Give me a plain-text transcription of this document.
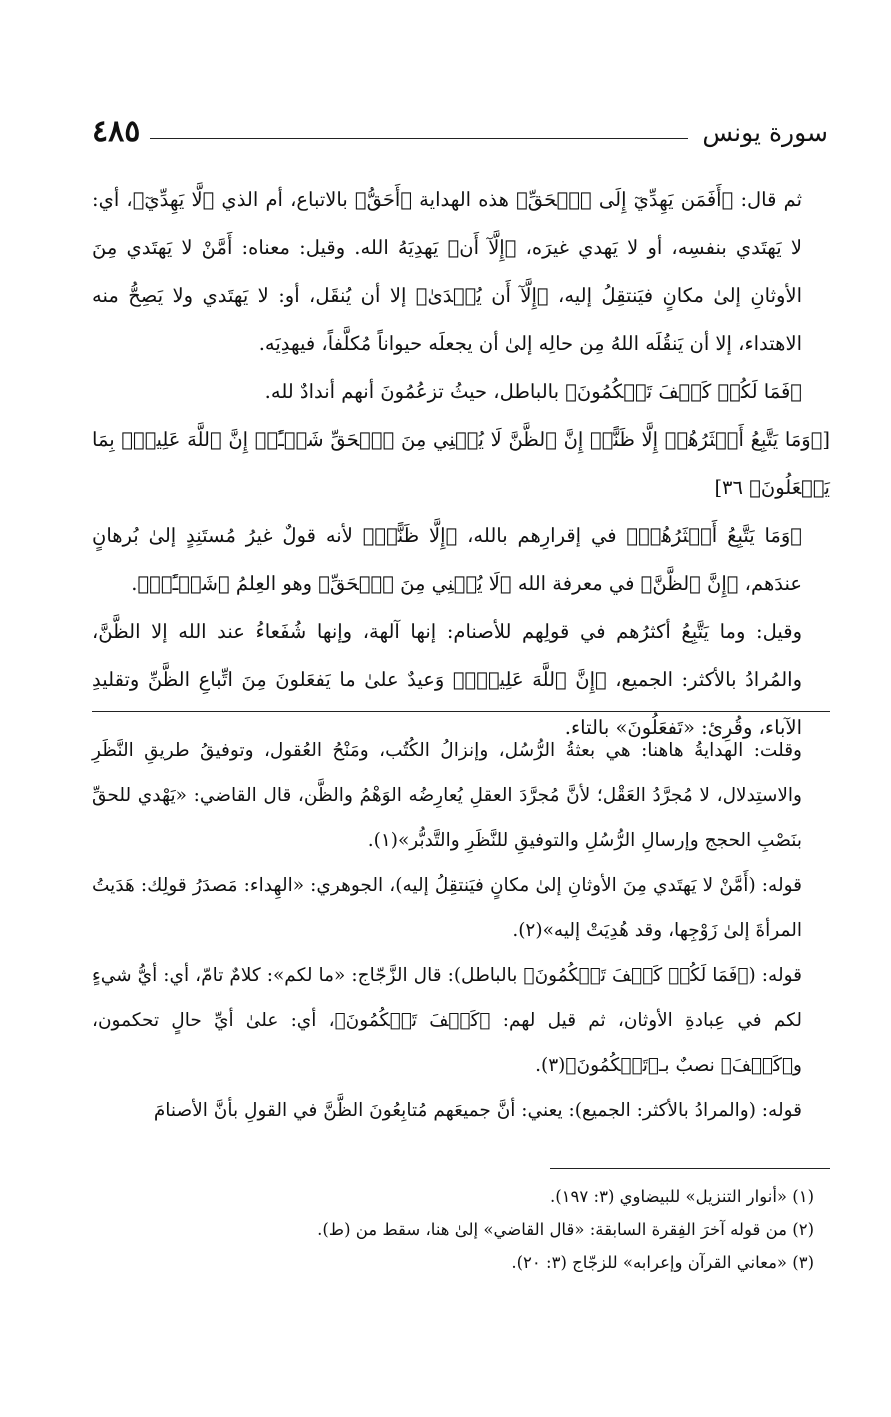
٤٨٥	سورة يونس

ثم قال: ﴿أَفَمَن يَهِدِّيٓ إِلَى ٱلۡحَقِّ﴾ هذه الهداية ﴿أَحَقُّ﴾ بالاتباع، أم الذي ﴿لَّا يَهِدِّيٓ﴾، أي: لا يَهتَدي بنفسِه، أو لا يَهدي غيرَه، ﴿إِلَّآ أَن﴾ يَهدِيَهُ الله. وقيل: معناه: أَمَّنْ لا يَهتَدي مِنَ الأوثانِ إلىٰ مكانٍ فيَنتقِلُ إليه، ﴿إِلَّآ أَن يُهۡدَىٰ﴾ إلا أن يُنقَل، أو: لا يَهتَدي ولا يَصِحُّ منه الاهتداء، إلا أن يَنقُلَه اللهُ مِن حالِه إلىٰ أن يجعلَه حيواناً مُكلَّفاً، فيهدِيَه.

﴿فَمَا لَكُمۡ كَيۡفَ تَحۡكُمُونَ﴾ بالباطل، حيثُ تزعُمُونَ أنهم أندادٌ لله.

[﴿وَمَا يَتَّبِعُ أَكۡثَرُهُمۡ إِلَّا ظَنًّاۚ إِنَّ ٱلظَّنَّ لَا يُغۡنِي مِنَ ٱلۡحَقِّ شَيۡـًٔاۚ إِنَّ ٱللَّهَ عَلِيمُۢ بِمَا يَفۡعَلُونَ﴾ ٣٦]

﴿وَمَا يَتَّبِعُ أَكۡثَرُهُمۡ﴾ في إقرارِهم بالله، ﴿إِلَّا ظَنًّاۚ﴾ لأنه قولٌ غيرُ مُستَنِدٍ إلىٰ بُرهانٍ عندَهم، ﴿إِنَّ ٱلظَّنَّ﴾ في معرفة الله ﴿لَا يُغۡنِي مِنَ ٱلۡحَقِّ﴾ وهو العِلمُ ﴿شَيۡـًٔاۚ﴾.

وقيل: وما يَتَّبِعُ أكثرُهم في قولِهم للأصنام: إنها آلهة، وإنها شُفَعاءُ عند الله إلا الظَّنَّ، والمُرادُ بالأكثر: الجميع، ﴿إِنَّ ٱللَّهَ عَلِيمُۢ﴾ وَعيدٌ علىٰ ما يَفعَلونَ مِنَ اتِّباعِ الظَّنِّ وتقليدِ الآباء، وقُرِئ: «تَفعَلُونَ» بالتاء.

وقلت: الهدايةُ هاهنا: هي بعثةُ الرُّسُل، وإنزالُ الكُتُب، ومَنْحُ العُقول، وتوفيقُ طريقِ النَّظَرِ والاستِدلال، لا مُجرَّدُ العَقْل؛ لأنَّ مُجرَّدَ العقلِ يُعارِضُه الوَهْمُ والظَّن، قال القاضي: «يَهْدي للحقِّ بنَصْبِ الحجج وإرسالِ الرُّسُلِ والتوفيقِ للنَّظَرِ والتَّدبُّر»(١).

قوله: (أَمَّنْ لا يَهتَدي مِنَ الأوثانِ إلىٰ مكانٍ فيَنتقِلُ إليه)، الجوهري: «الهِداء: مَصدَرُ قولِك: هَدَيتُ المرأةَ إلىٰ زَوْجِها، وقد هُدِيَتْ إليه»(٢).

قوله: (﴿فَمَا لَكُمۡ كَيۡفَ تَحۡكُمُونَ﴾ بالباطل): قال الزَّجّاج: «ما لكم»: كلامٌ تامّ، أي: أيُّ شيءٍ لكم في عِبادةِ الأوثان، ثم قيل لهم: ﴿كَيۡفَ تَحۡكُمُونَ﴾، أي: علىٰ أيِّ حالٍ تحكمون، و﴿كَيۡفَ﴾ نصبٌ بـ﴿تَحۡكُمُونَ﴾(٣).

قوله: (والمرادُ بالأكثر: الجميع): يعني: أنَّ جميعَهم مُتابِعُونَ الظَّنَّ في القولِ بأنَّ الأصنامَ

(١) «أنوار التنزيل» للبيضاوي (٣: ١٩٧).
(٢) من قوله آخرَ الفِقرة السابقة: «قال القاضي» إلىٰ هنا، سقط من (ط).
(٣) «معاني القرآن وإعرابه» للزجّاج (٣: ٢٠).
